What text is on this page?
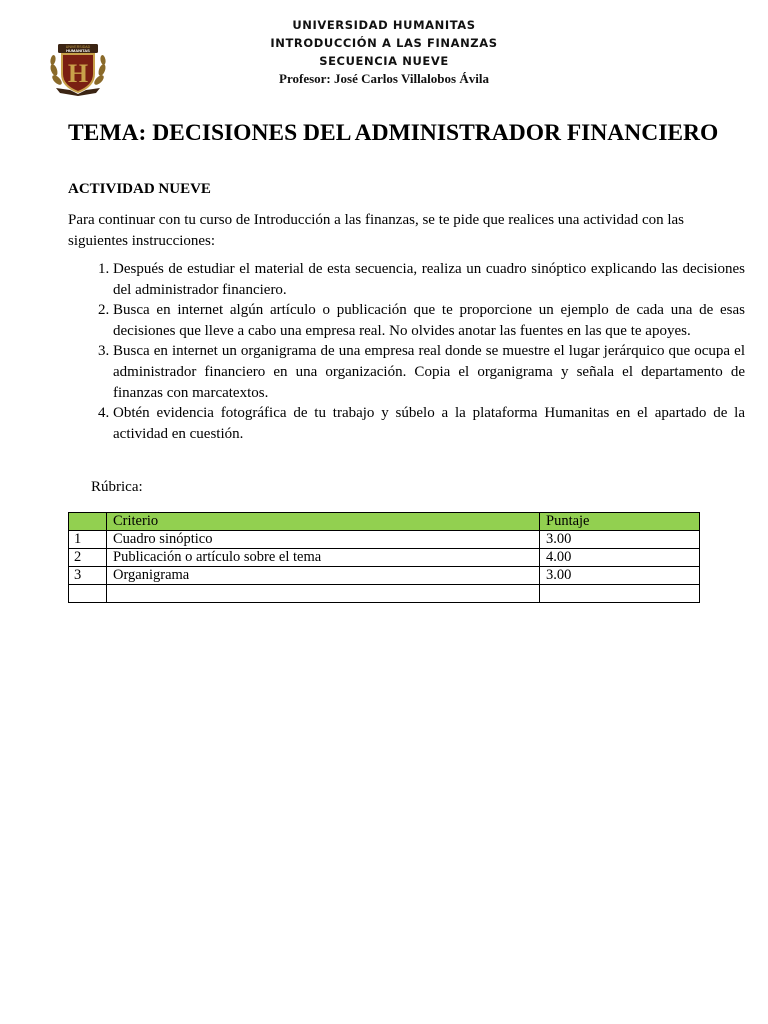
UNIVERSIDAD HUMANITAS
INTRODUCCIÓN A LAS FINANZAS
SECUENCIA NUEVE
Profesor: José Carlos Villalobos Ávila
H
UNIVERSIDAD
HUMANITAS
TEMA: DECISIONES DEL ADMINISTRADOR FINANCIERO
ACTIVIDAD NUEVE

Para continuar con tu curso de Introducción a las finanzas, se te pide que realices una actividad con las siguientes instrucciones:

1. Después de estudiar el material de esta secuencia, realiza un cuadro sinóptico explicando las decisiones del administrador financiero.
2. Busca en internet algún artículo o publicación que te proporcione un ejemplo de cada una de esas decisiones que lleve a cabo una empresa real. No olvides anotar las fuentes en las que te apoyes.
3. Busca en internet un organigrama de una empresa real donde se muestre el lugar jerárquico que ocupa el administrador financiero en una organización. Copia el organigrama y señala el departamento de finanzas con marcatextos.
4. Obtén evidencia fotográfica de tu trabajo y súbelo a la plataforma Humanitas en el apartado de la actividad en cuestión.

Rúbrica:

	Criterio	Puntaje
1	Cuadro sinóptico	3.00
2	Publicación o artículo sobre el tema	4.00
3	Organigrama	3.00
